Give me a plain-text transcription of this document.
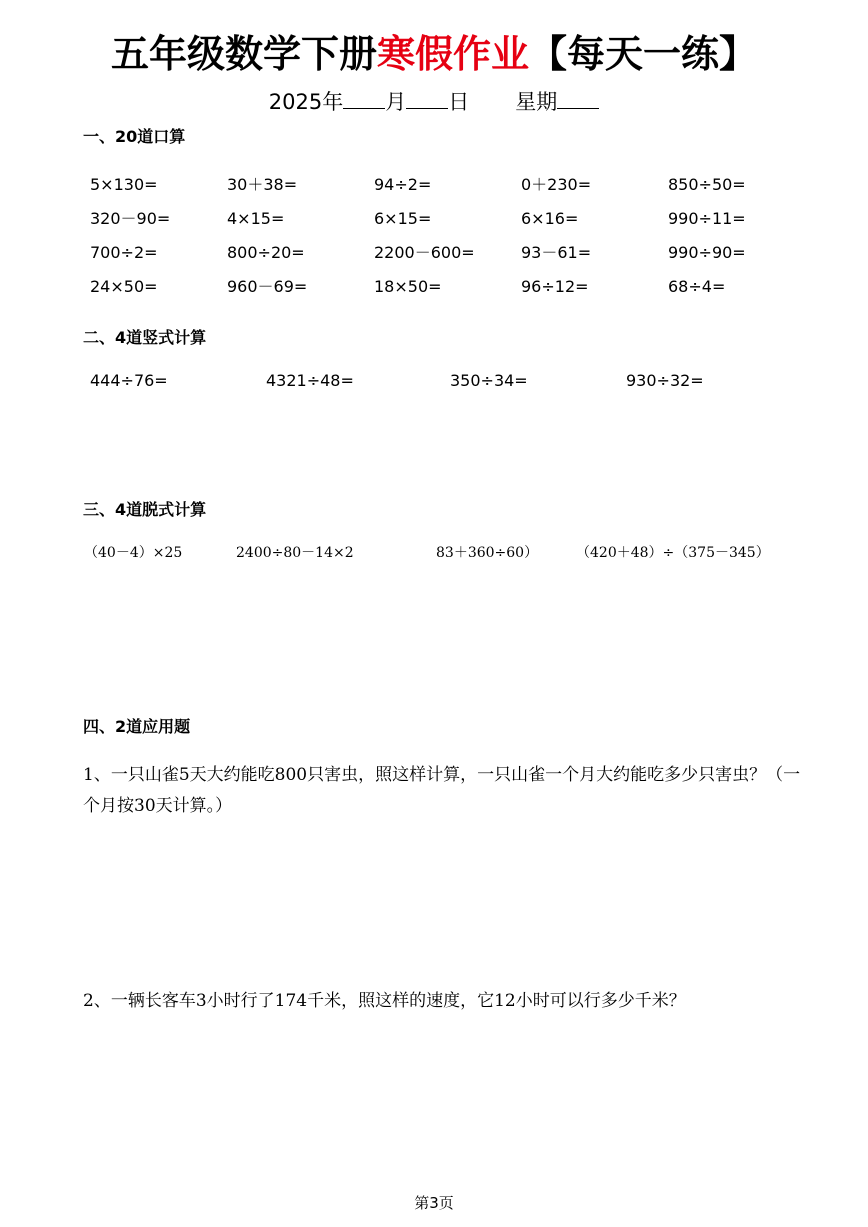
五年级数学下册寒假作业【每天一练】
2025年 月 日 星期
一、20道口算
5×130=	30＋38=	94÷2=	0＋230=	850÷50=
320－90=	4×15=	6×15=	6×16=	990÷11=
700÷2=	800÷20=	2200－600=	93－61=	990÷90=
24×50=	960－69=	18×50=	96÷12=	68÷4=
二、4道竖式计算
444÷76=	4321÷48=	350÷34=	930÷32=
三、4道脱式计算
（40－4）×25	2400÷80－14×2	83＋360÷60）	（420＋48）÷（375－345）
四、2道应用题
1、一只山雀5天大约能吃800只害虫，照这样计算，一只山雀一个月大约能吃多少只害虫？（一个月按30天计算。）
2、一辆长客车3小时行了174千米，照这样的速度，它12小时可以行多少千米？
第3页
